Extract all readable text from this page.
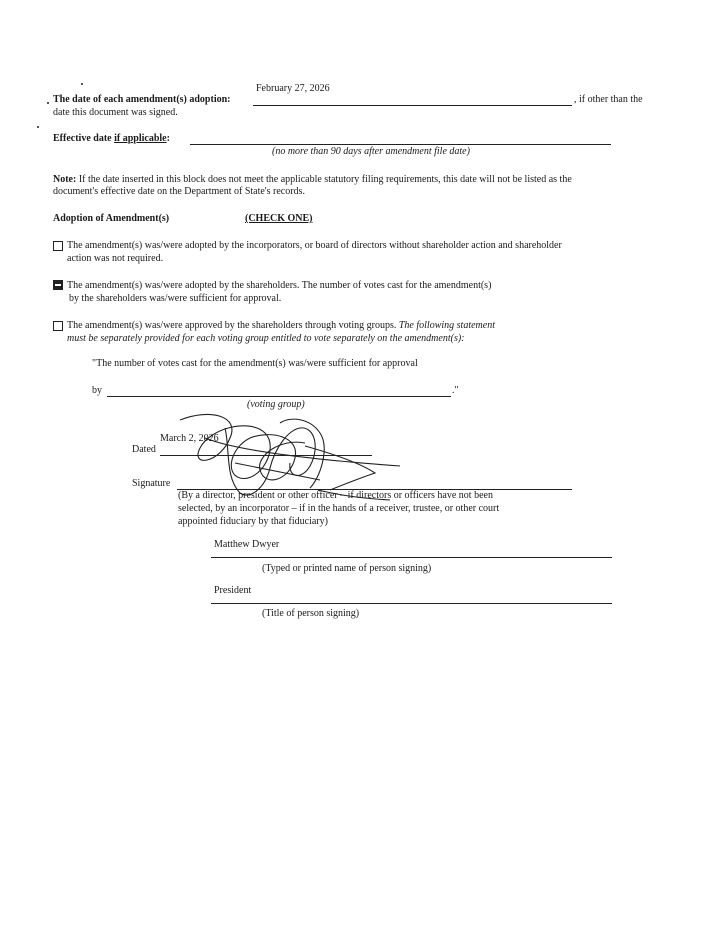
February 27, 2026
The date of each amendment(s) adoption:	, if other than the
date this document was signed.
Effective date if applicable:
(no more than 90 days after amendment file date)
Note: If the date inserted in this block does not meet the applicable statutory filing requirements, this date will not be listed as the
document's effective date on the Department of State's records.
Adoption of Amendment(s)	(CHECK ONE)
The amendment(s) was/were adopted by the incorporators, or board of directors without shareholder action and shareholder
action was not required.
The amendment(s) was/were adopted by the shareholders. The number of votes cast for the amendment(s)
by the shareholders was/were sufficient for approval.
The amendment(s) was/were approved by the shareholders through voting groups. The following statement
must be separately provided for each voting group entitled to vote separately on the amendment(s):
"The number of votes cast for the amendment(s) was/were sufficient for approval
by	."
(voting group)
March 2, 2026
Dated
Signature
(By a director, president or other officer – if directors or officers have not been
selected, by an incorporator – if in the hands of a receiver, trustee, or other court
appointed fiduciary by that fiduciary)
Matthew Dwyer
(Typed or printed name of person signing)
President
(Title of person signing)
